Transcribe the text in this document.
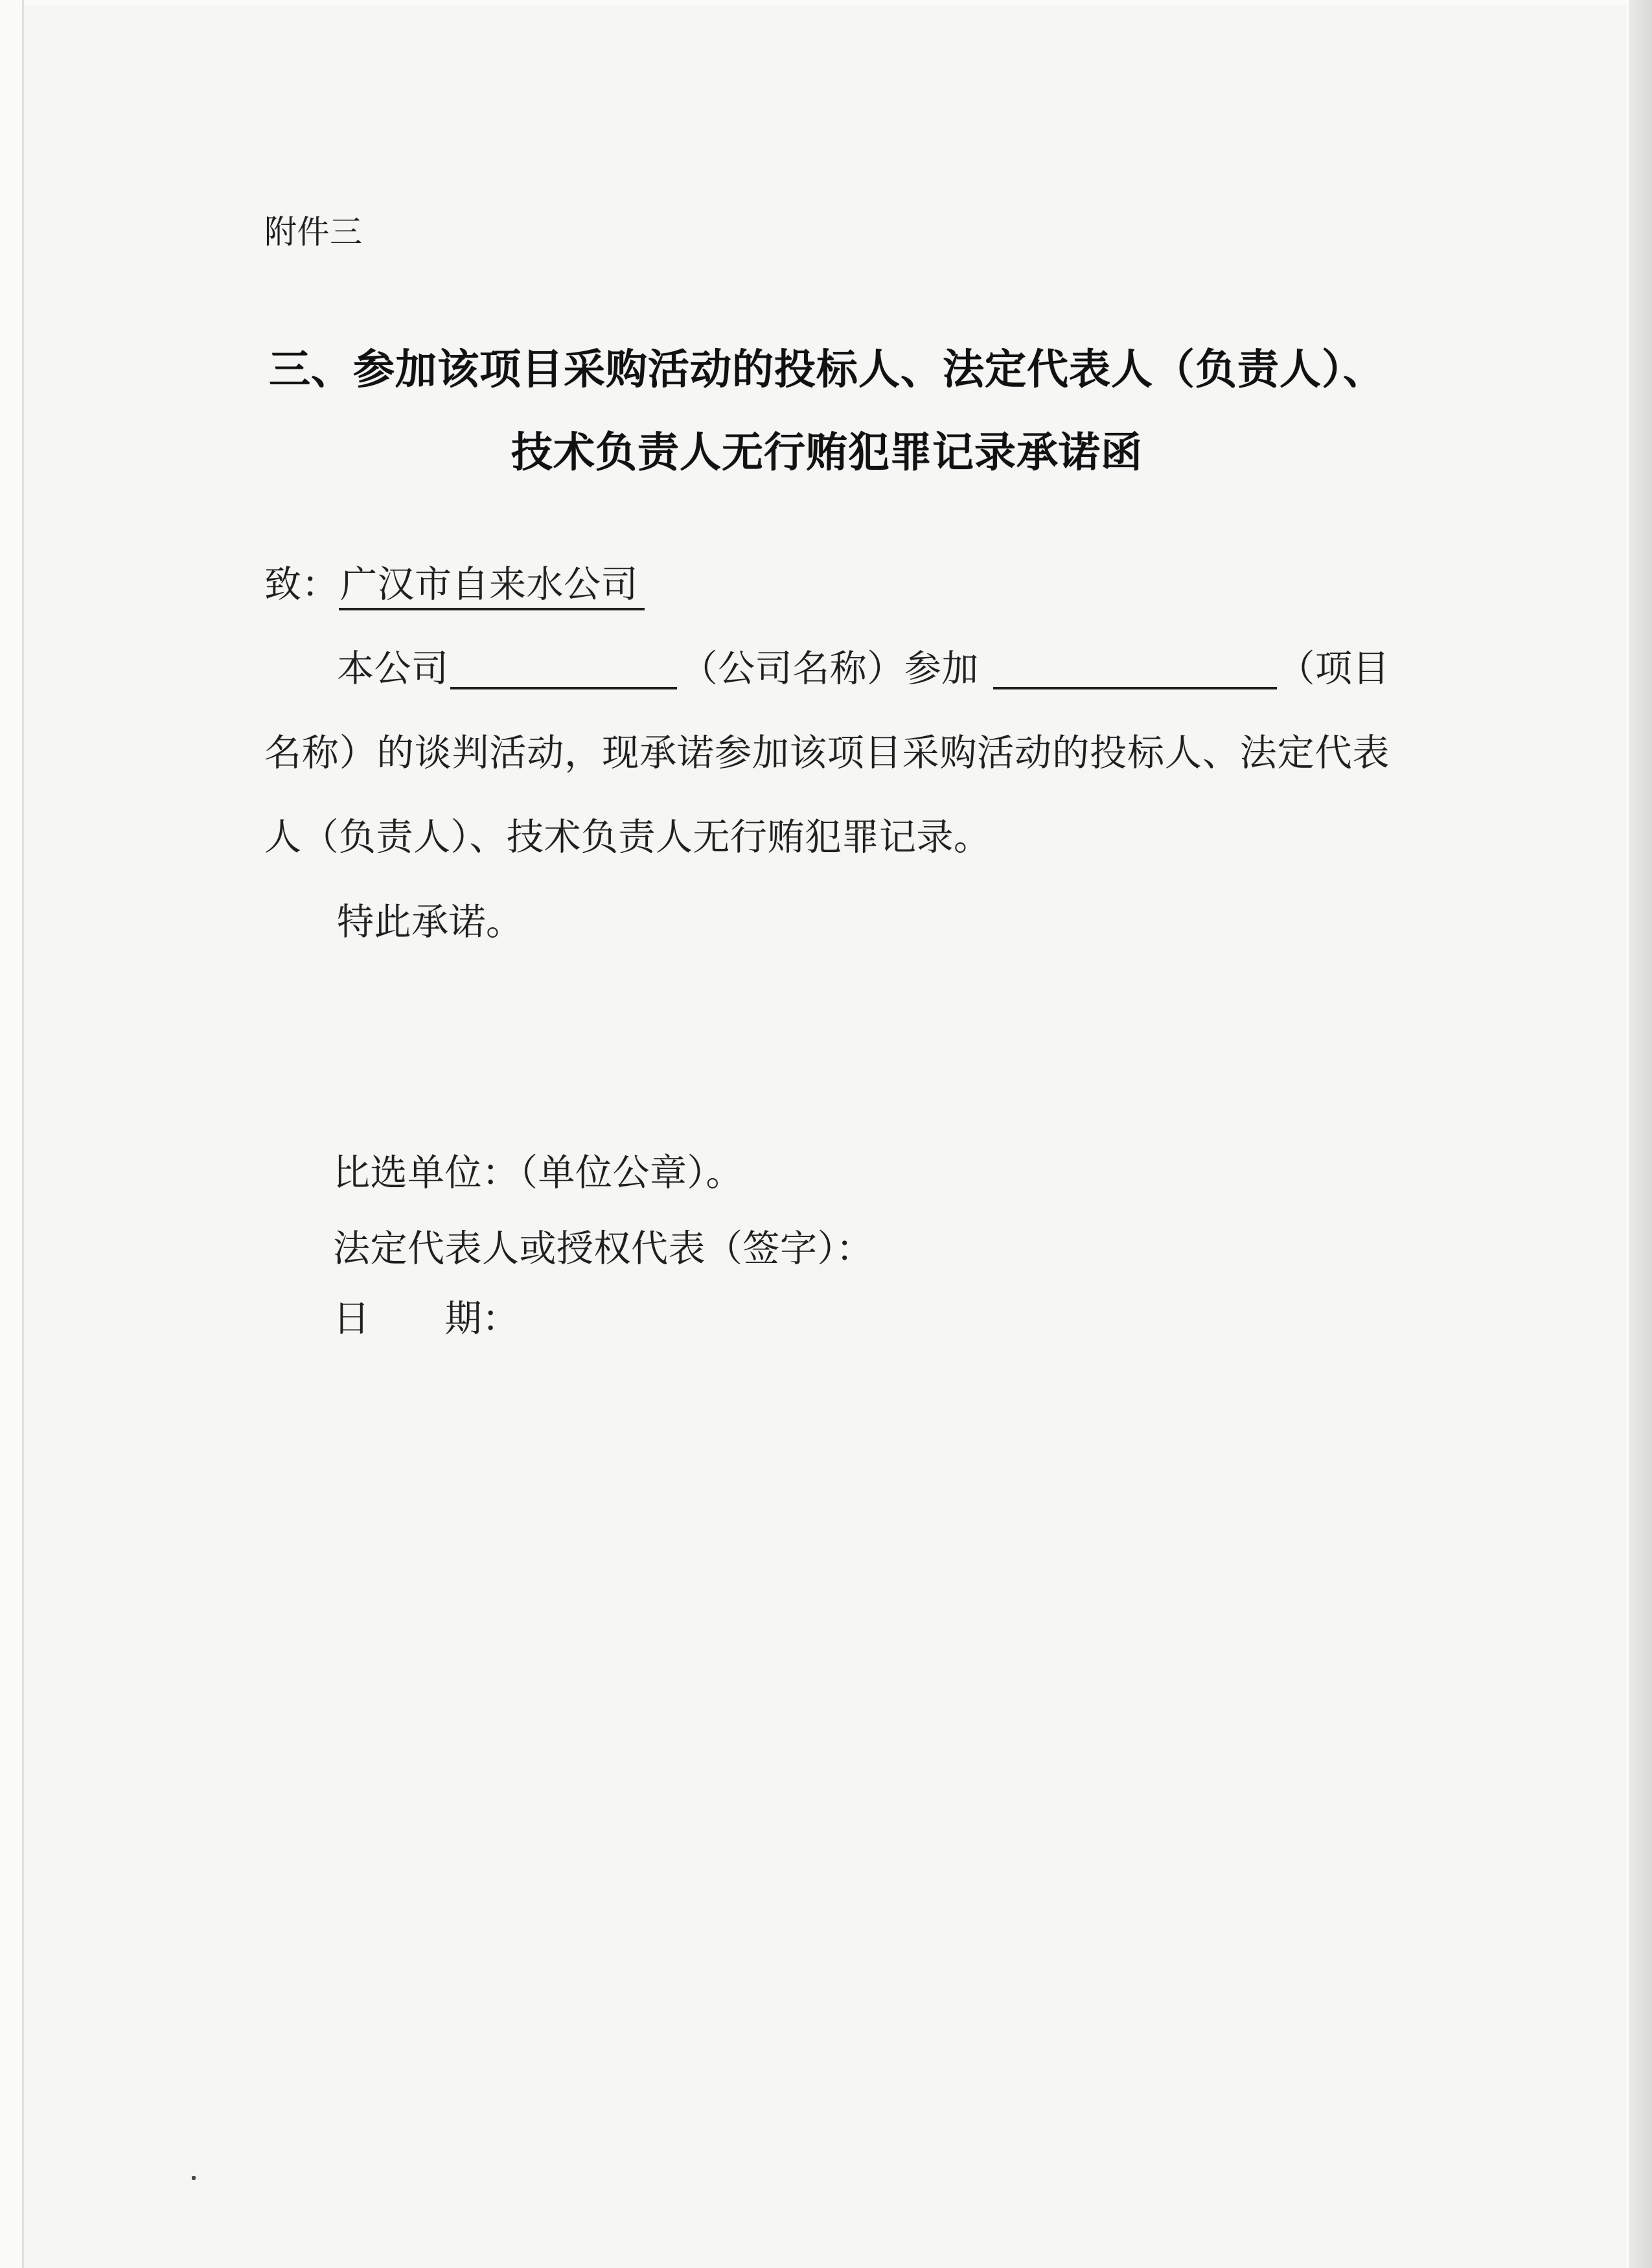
附件三
三、参加该项目采购活动的投标人、法定代表人（负责人）、
技术负责人无行贿犯罪记录承诺函
致：广汉市自来水公司
本公司	（公司名称）参加	（项目
名称）的谈判活动，现承诺参加该项目采购活动的投标人、法定代表
人（负责人）、技术负责人无行贿犯罪记录。
特此承诺。
比选单位：（单位公章）。
法定代表人或授权代表（签字）：
日　　期：
